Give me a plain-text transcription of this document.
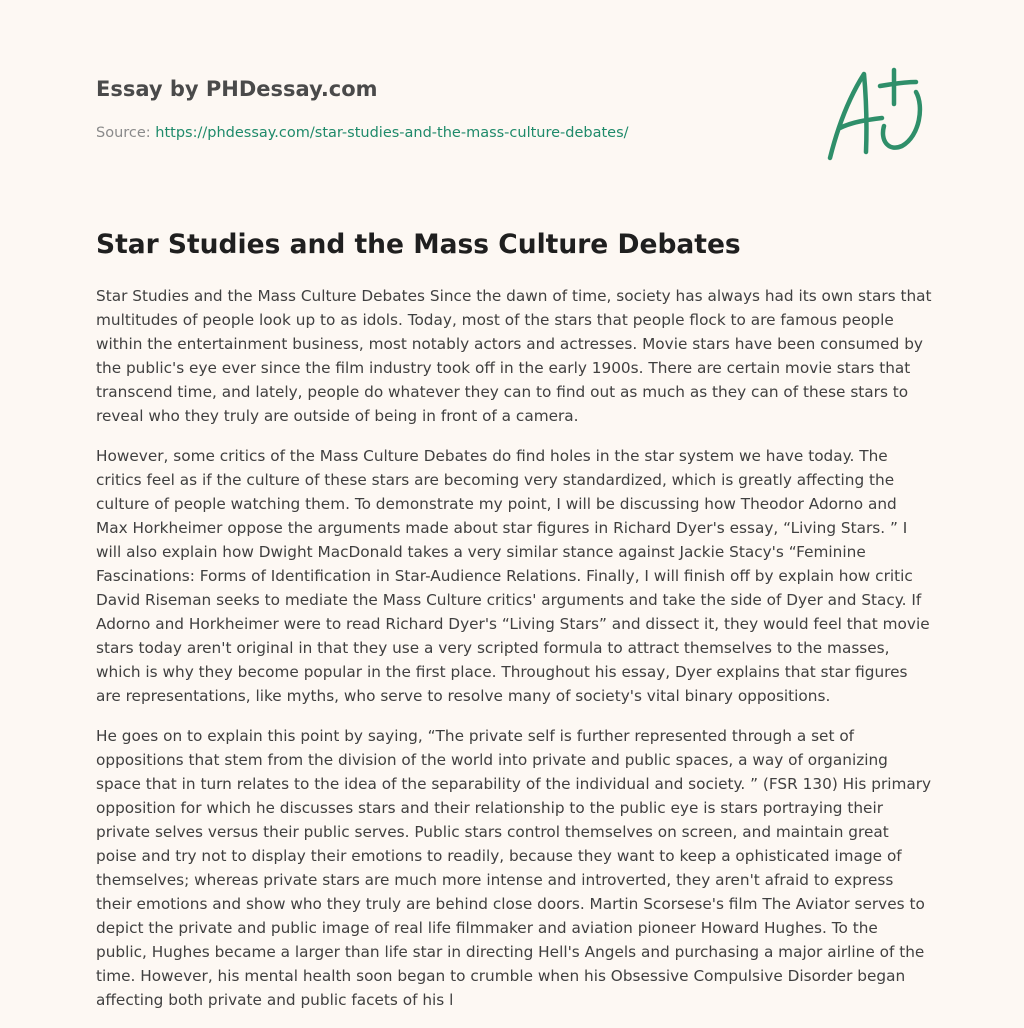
Essay by PHDessay.com
Source: https://phdessay.com/star-studies-and-the-mass-culture-debates/
Star Studies and the Mass Culture Debates

Star Studies and the Mass Culture Debates Since the dawn of time, society has always had its own stars that multitudes of people look up to as idols. Today, most of the stars that people flock to are famous people within the entertainment business, most notably actors and actresses. Movie stars have been consumed by the public's eye ever since the film industry took off in the early 1900s. There are certain movie stars that transcend time, and lately, people do whatever they can to find out as much as they can of these stars to reveal who they truly are outside of being in front of a camera.

However, some critics of the Mass Culture Debates do find holes in the star system we have today. The critics feel as if the culture of these stars are becoming very standardized, which is greatly affecting the culture of people watching them. To demonstrate my point, I will be discussing how Theodor Adorno and Max Horkheimer oppose the arguments made about star figures in Richard Dyer's essay, “Living Stars. ” I will also explain how Dwight MacDonald takes a very similar stance against Jackie Stacy's “Feminine Fascinations: Forms of Identification in Star-Audience Relations. Finally, I will finish off by explain how critic David Riseman seeks to mediate the Mass Culture critics' arguments and take the side of Dyer and Stacy. If Adorno and Horkheimer were to read Richard Dyer's “Living Stars” and dissect it, they would feel that movie stars today aren't original in that they use a very scripted formula to attract themselves to the masses, which is why they become popular in the first place. Throughout his essay, Dyer explains that star figures are representations, like myths, who serve to resolve many of society's vital binary oppositions.

He goes on to explain this point by saying, “The private self is further represented through a set of oppositions that stem from the division of the world into private and public spaces, a way of organizing space that in turn relates to the idea of the separability of the individual and society. ” (FSR 130) His primary opposition for which he discusses stars and their relationship to the public eye is stars portraying their private selves versus their public serves. Public stars control themselves on screen, and maintain great poise and try not to display their emotions to readily, because they want to keep a ophisticated image of themselves; whereas private stars are much more intense and introverted, they aren't afraid to express their emotions and show who they truly are behind close doors. Martin Scorsese's film The Aviator serves to depict the private and public image of real life filmmaker and aviation pioneer Howard Hughes. To the public, Hughes became a larger than life star in directing Hell's Angels and purchasing a major airline of the time. However, his mental health soon began to crumble when his Obsessive Compulsive Disorder began affecting both private and public facets of his l
